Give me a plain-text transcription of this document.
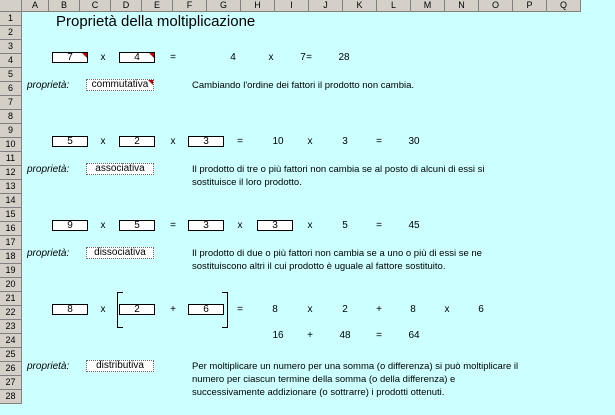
A	B	C	D	E	F	G	H	I	J	K	L	M	N	O	P	Q
1
2
3
4
5
6
7
8
9
10
11
12
13
14
15
16
17
18
19
20
21
22
23
24
25
26
27
28
Proprietà della moltiplicazione
7	x	4	=	4	x	7 =	28
proprietà:	commutativa	Cambiando l'ordine dei fattori il prodotto non cambia.
5	x	2	x	3	=	10	x	3	=	30
proprietà:	associativa	Il prodotto di tre o più fattori non cambia se al posto di alcuni di essi si
sostituisce il loro prodotto.
9	x	5	=	3	x	3	x	5	=	45
proprietà:	dissociativa	Il prodotto di due o più fattori non cambia se a uno o più di essi se ne
sostituiscono altri il cui prodotto è uguale al fattore sostituito.
8	x	2	+	6	=	8	x	2	+	8	x	6
16	+	48	=	64
proprietà:	distributiva	Per moltiplicare un numero per una somma (o differenza) si può moltiplicare il
numero per ciascun termine della somma (o della differenza) e
successivamente addizionare (o sottrarre) i prodotti ottenuti.
